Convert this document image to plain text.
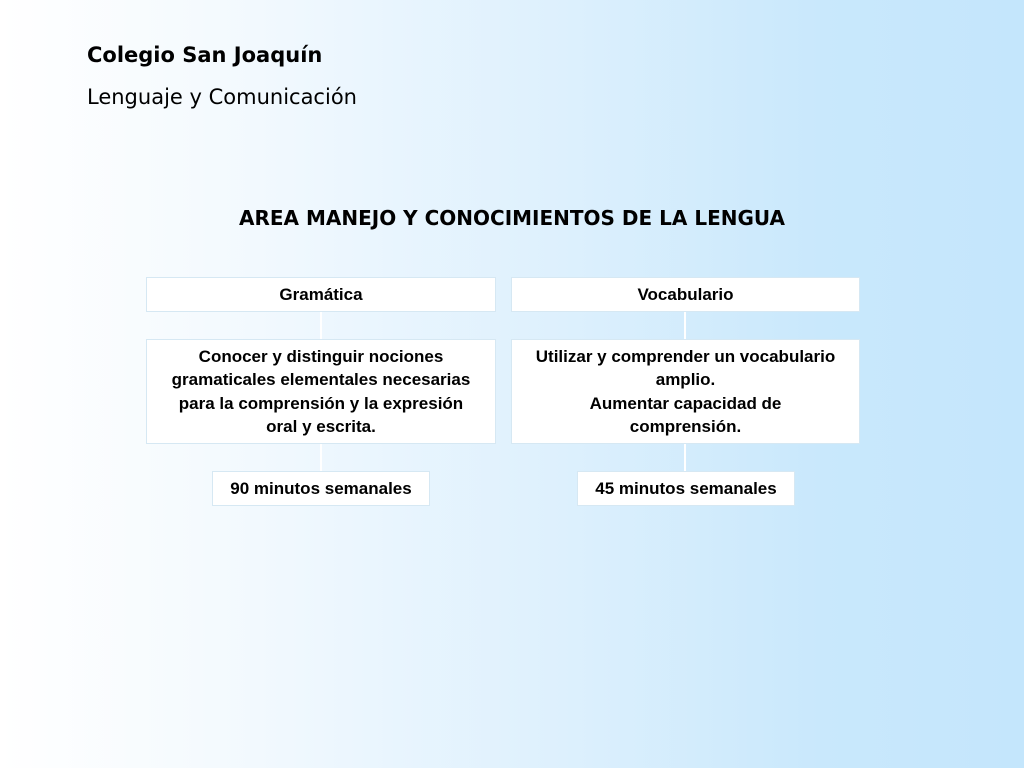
Colegio San Joaquín
Lenguaje y Comunicación
AREA MANEJO Y CONOCIMIENTOS DE LA LENGUA
Gramática
Conocer y distinguir nociones
gramaticales elementales necesarias
para la comprensión y la expresión
oral y escrita.
90 minutos semanales
Vocabulario
Utilizar y comprender un vocabulario
amplio.
Aumentar capacidad de
comprensión.
45 minutos semanales
